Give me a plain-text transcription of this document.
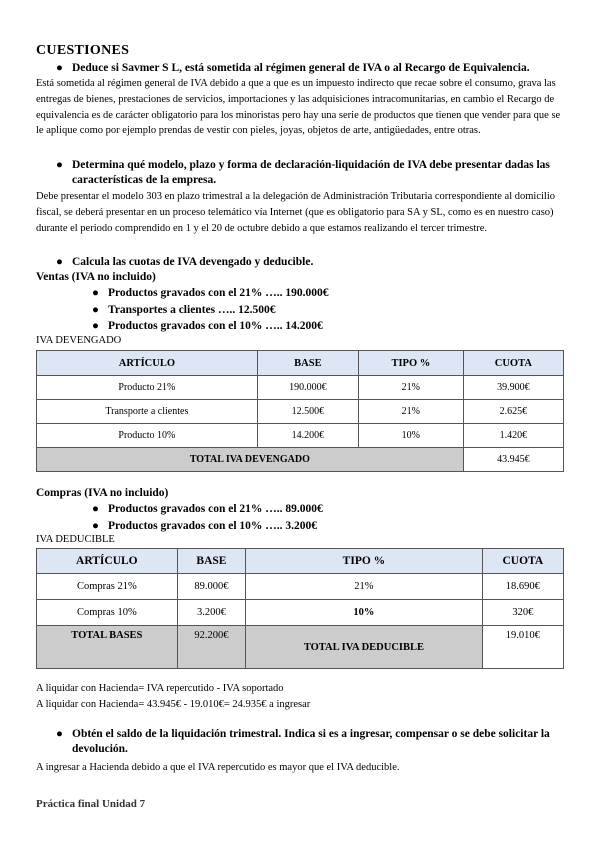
CUESTIONES
● Deduce si Savmer S L, está sometida al régimen general de IVA o al Recargo de Equivalencia.
Está sometida al régimen general de IVA debido a que a que es un impuesto indirecto que recae sobre el consumo, grava las entregas de bienes, prestaciones de servicios, importaciones y las adquisiciones intracomunitarias, en cambio el Recargo de equivalencia es de carácter obligatorio para los minoristas pero hay una serie de productos que tienen que vender para que se le aplique como por ejemplo prendas de vestir con pieles, joyas, objetos de arte, antigüedades, entre otras.
● Determina qué modelo, plazo y forma de declaración-liquidación de IVA debe presentar dadas las características de la empresa.
Debe presentar el modelo 303 en plazo trimestral a la delegación de Administración Tributaria correspondiente al domicilio fiscal, se deberá presentar en un proceso telemático vía Internet (que es obligatorio para SA y SL, como es en nuestro caso) durante el periodo comprendido en 1 y el 20 de octubre debido a que estamos realizando el tercer trimestre.
● Calcula las cuotas de IVA devengado y deducible.
Ventas (IVA no incluido)
● Productos gravados con el 21% ….. 190.000€
● Transportes a clientes ….. 12.500€
● Productos gravados con el 10% ….. 14.200€
IVA DEVENGADO
ARTÍCULO	BASE	TIPO %	CUOTA
Producto 21%	190.000€	21%	39.900€
Transporte a clientes	12.500€	21%	2.625€
Producto 10%	14.200€	10%	1.420€
TOTAL IVA DEVENGADO			43.945€
Compras (IVA no incluido)
● Productos gravados con el 21% ….. 89.000€
● Productos gravados con el 10% ….. 3.200€
IVA DEDUCIBLE
ARTÍCULO	BASE	TIPO %	CUOTA
Compras 21%	89.000€	21%	18.690€
Compras 10%	3.200€	10%	320€
TOTAL BASES	92.200€	TOTAL IVA DEDUCIBLE	19.010€
A liquidar con Hacienda= IVA repercutido - IVA soportado
A liquidar con Hacienda= 43.945€ - 19.010€= 24.935€ a ingresar
● Obtén el saldo de la liquidación trimestral. Indica si es a ingresar, compensar o se debe solicitar la devolución.
A ingresar a Hacienda debido a que el IVA repercutido es mayor que el IVA deducible.
Práctica final Unidad 7
